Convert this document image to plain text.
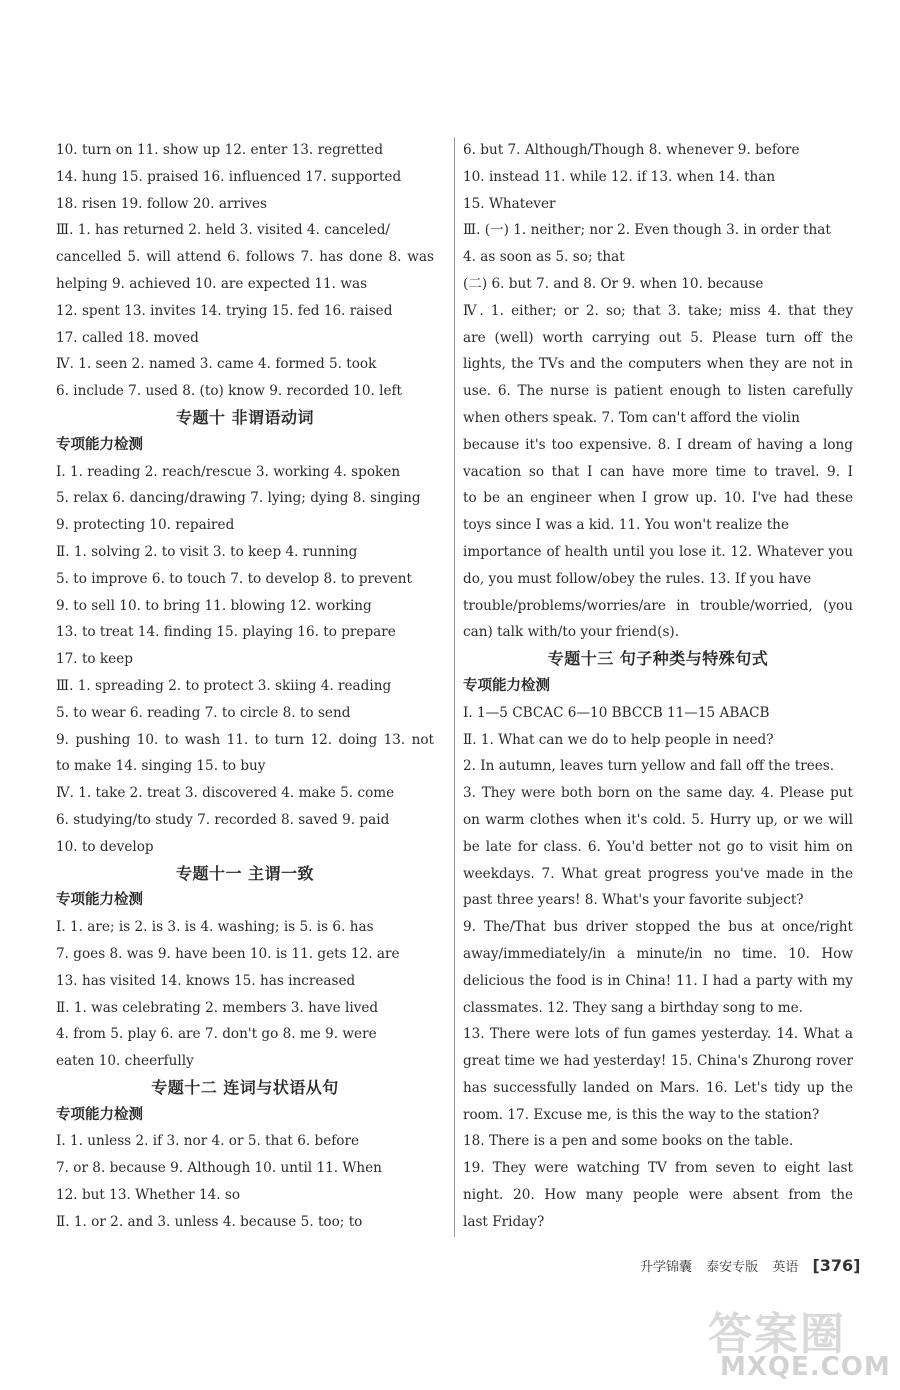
10. turn on 11. show up 12. enter 13. regretted
14. hung 15. praised 16. influenced 17. supported
18. risen 19. follow 20. arrives
Ⅲ. 1. has returned 2. held 3. visited 4. canceled/
cancelled 5. will attend 6. follows 7. has done 8. was
helping 9. achieved 10. are expected 11. was
12. spent 13. invites 14. trying 15. fed 16. raised
17. called 18. moved
Ⅳ. 1. seen 2. named 3. came 4. formed 5. took
6. include 7. used 8. (to) know 9. recorded 10. left
专题十 非谓语动词
专项能力检测
Ⅰ. 1. reading 2. reach/rescue 3. working 4. spoken
5. relax 6. dancing/drawing 7. lying; dying 8. singing
9. protecting 10. repaired
Ⅱ. 1. solving 2. to visit 3. to keep 4. running
5. to improve 6. to touch 7. to develop 8. to prevent
9. to sell 10. to bring 11. blowing 12. working
13. to treat 14. finding 15. playing 16. to prepare
17. to keep
Ⅲ. 1. spreading 2. to protect 3. skiing 4. reading
5. to wear 6. reading 7. to circle 8. to send
9. pushing 10. to wash 11. to turn 12. doing 13. not
to make 14. singing 15. to buy
Ⅳ. 1. take 2. treat 3. discovered 4. make 5. come
6. studying/to study 7. recorded 8. saved 9. paid
10. to develop
专题十一 主谓一致
专项能力检测
Ⅰ. 1. are; is 2. is 3. is 4. washing; is 5. is 6. has
7. goes 8. was 9. have been 10. is 11. gets 12. are
13. has visited 14. knows 15. has increased
Ⅱ. 1. was celebrating 2. members 3. have lived
4. from 5. play 6. are 7. don't go 8. me 9. were
eaten 10. cheerfully
专题十二 连词与状语从句
专项能力检测
Ⅰ. 1. unless 2. if 3. nor 4. or 5. that 6. before
7. or 8. because 9. Although 10. until 11. When
12. but 13. Whether 14. so
Ⅱ. 1. or 2. and 3. unless 4. because 5. too; to
6. but 7. Although/Though 8. whenever 9. before
10. instead 11. while 12. if 13. when 14. than
15. Whatever
Ⅲ. (一) 1. neither; nor 2. Even though 3. in order that
4. as soon as 5. so; that
(二) 6. but 7. and 8. Or 9. when 10. because
Ⅳ. 1. either; or 2. so; that 3. take; miss 4. that they
are (well) worth carrying out 5. Please turn off the
lights, the TVs and the computers when they are not in
use. 6. The nurse is patient enough to listen carefully
when others speak. 7. Tom can't afford the violin
because it's too expensive. 8. I dream of having a long
vacation so that I can have more time to travel. 9. I
to be an engineer when I grow up. 10. I've had these
toys since I was a kid. 11. You won't realize the
importance of health until you lose it. 12. Whatever you
do, you must follow/obey the rules. 13. If you have
trouble/problems/worries/are in trouble/worried, (you
can) talk with/to your friend(s).
专题十三 句子种类与特殊句式
专项能力检测
Ⅰ. 1—5 CBCAC 6—10 BBCCB 11—15 ABACB
Ⅱ. 1. What can we do to help people in need?
2. In autumn, leaves turn yellow and fall off the trees.
3. They were both born on the same day. 4. Please put
on warm clothes when it's cold. 5. Hurry up, or we will
be late for class. 6. You'd better not go to visit him on
weekdays. 7. What great progress you've made in the
past three years! 8. What's your favorite subject?
9. The/That bus driver stopped the bus at once/right
away/immediately/in a minute/in no time. 10. How
delicious the food is in China! 11. I had a party with my
classmates. 12. They sang a birthday song to me.
13. There were lots of fun games yesterday. 14. What a
great time we had yesterday! 15. China's Zhurong rover
has successfully landed on Mars. 16. Let's tidy up the
room. 17. Excuse me, is this the way to the station?
18. There is a pen and some books on the table.
19. They were watching TV from seven to eight last
night. 20. How many people were absent from the
last Friday?
升学锦囊 泰安专版 英语 [376]
答案圈
MXQE.COM
